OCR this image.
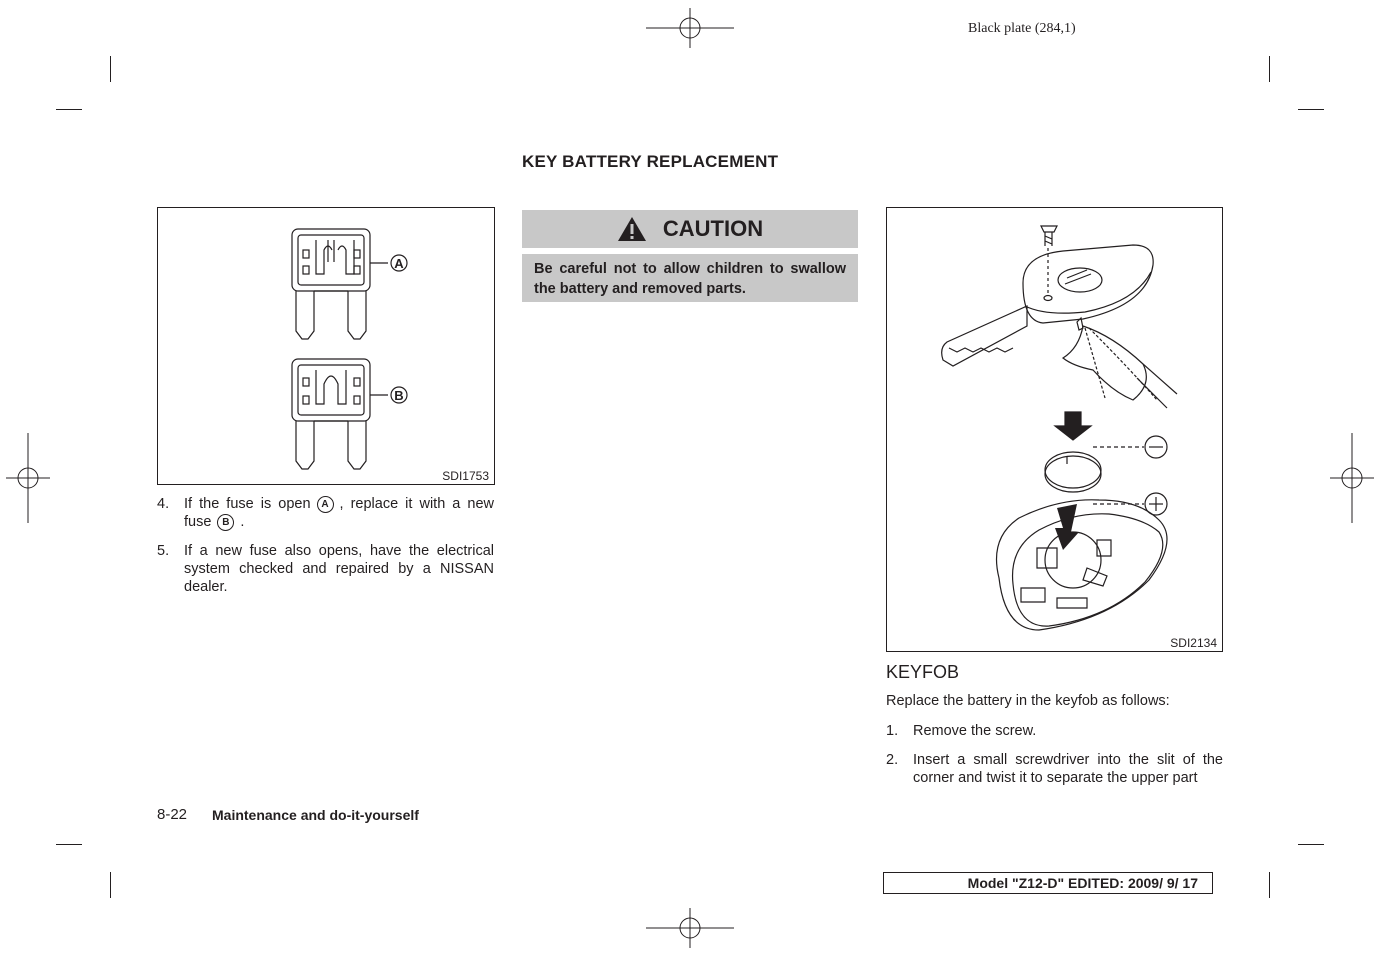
Black plate (284,1)
KEY BATTERY REPLACEMENT
A
B
SDI1753
4.	If the fuse is open A , replace it with a new fuse B .
5.	If a new fuse also opens, have the electrical system checked and repaired by a NISSAN dealer.
CAUTION
Be careful not to allow children to swallow the battery and removed parts.
SDI2134
KEYFOB
Replace the battery in the keyfob as follows:
1.	Remove the screw.
2.	Insert a small screwdriver into the slit of the corner and twist it to separate the upper part
8-22 Maintenance and do-it-yourself
Model "Z12-D" EDITED: 2009/ 9/ 17
